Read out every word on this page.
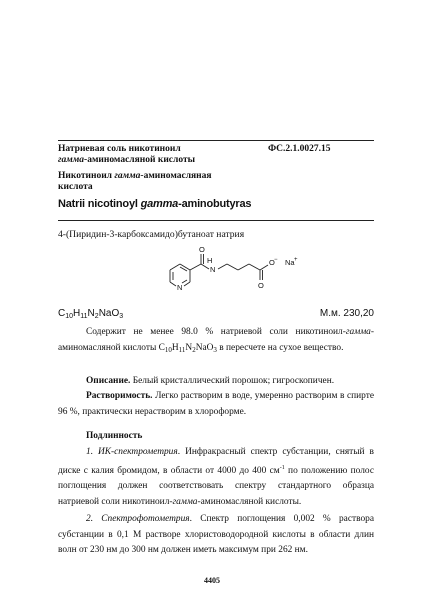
Натриевая соль никотиноил
гамма-аминомасляной кислоты
ФС.2.1.0027.15
Никотиноил гамма-аминомасляная
кислота
Natrii nicotinoyl gamma-aminobutyras
4-(Пиридин-3-карбоксамидо)бутаноат натрия
H
N
O
O − Na +
O
N
$C_{10}H_{11}N_2NaO_3$	М.м. 230,20
Содержит не менее 98.0 % натриевой соли никотиноил-гамма-
аминомасляной кислоты $C_{10}H_{11}N_2NaO_3$ в пересчете на сухое вещество.
Описание. Белый кристаллический порошок; гигроскопичен.
Растворимость. Легко растворим в воде, умеренно растворим в спирте
96 %, практически нерастворим в хлороформе.
Подлинность
1. ИК-спектрометрия. Инфракрасный спектр субстанции, снятый в
диске с калия бромидом, в области от 4000 до 400 $см^{-1}$ по положению полос
поглощения должен соответствовать спектру стандартного образца
натриевой соли никотиноил-гамма-аминомасляной кислоты.
2. Спектрофотометрия. Спектр поглощения 0,002 % раствора
субстанции в 0,1 М растворе хлористоводородной кислоты в области длин
волн от 230 нм до 300 нм должен иметь максимум при 262 нм.
4405
